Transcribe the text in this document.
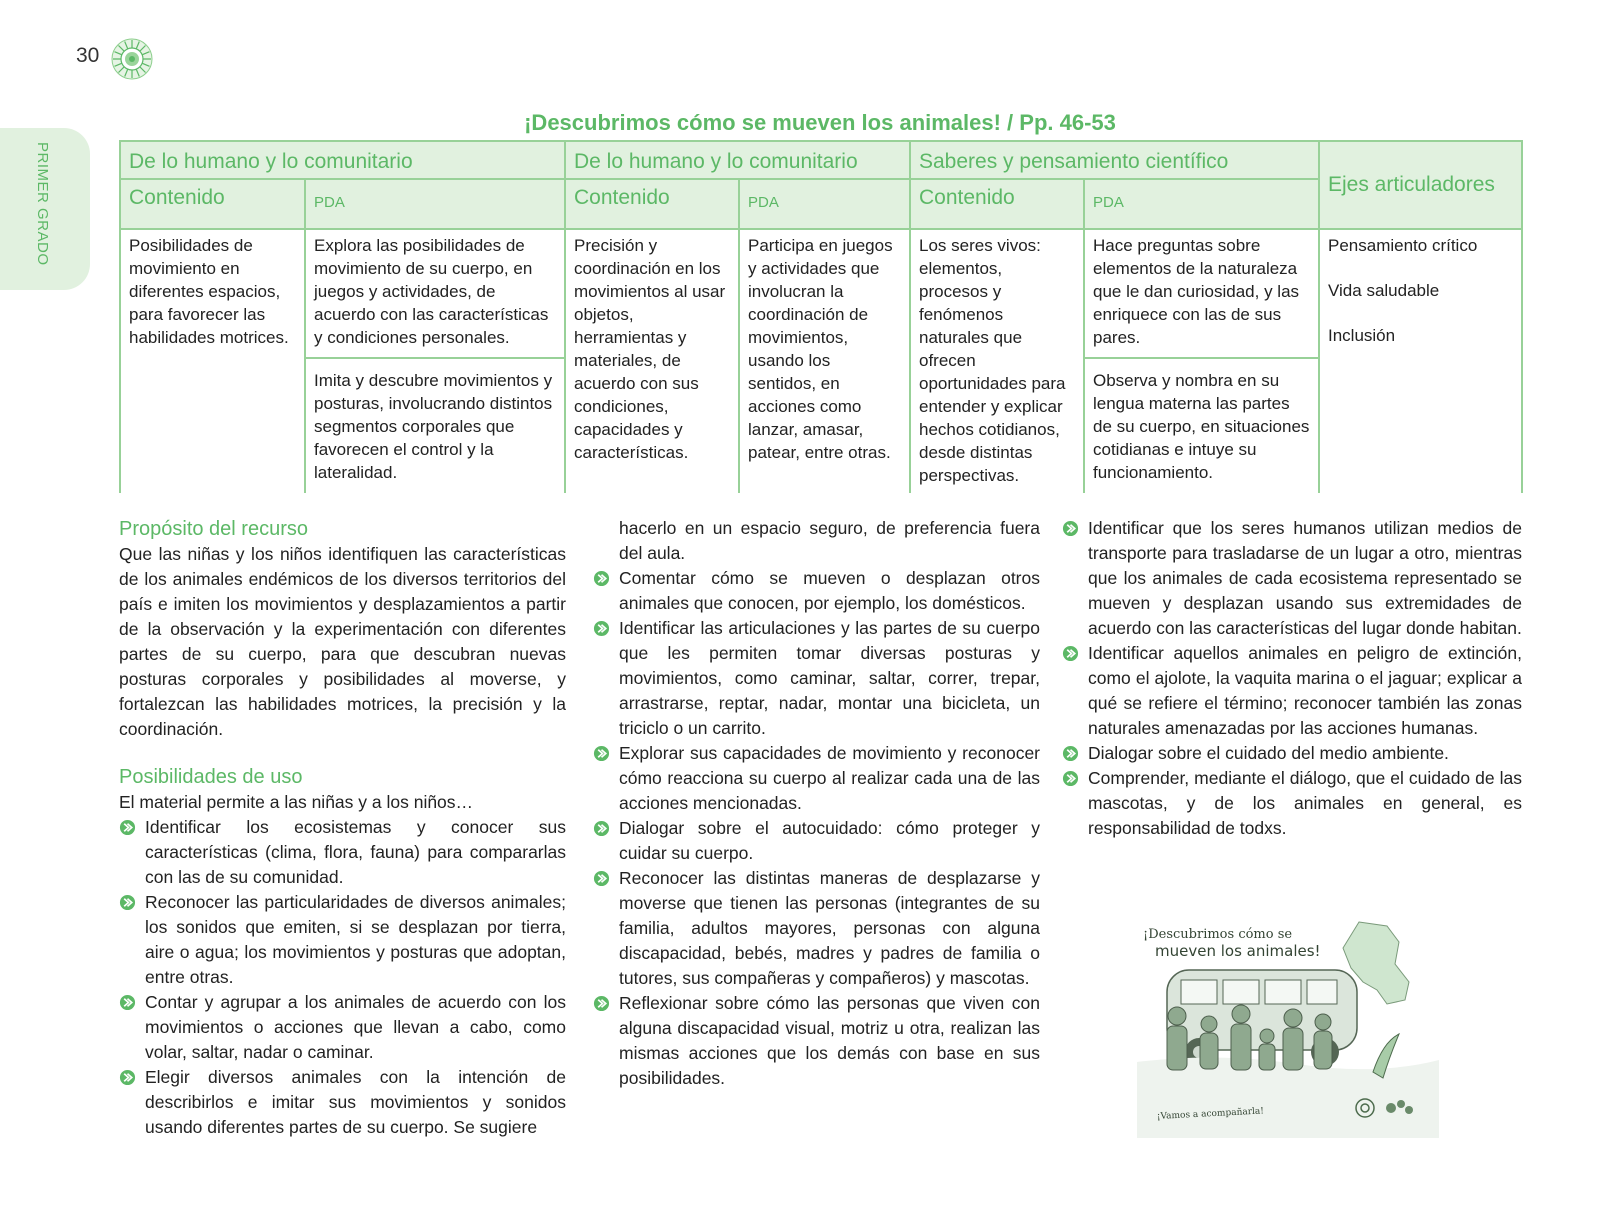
30
PRIMER GRADO
¡Descubrimos cómo se mueven los animales! / Pp. 46-53
De lo humano y lo comunitario		De lo humano y lo comunitario		Saberes y pensamiento científico		Ejes articuladores
Contenido	PDA	Contenido	PDA	Contenido	PDA	
Posibilidades de movimiento en diferentes espacios, para favorecer las habilidades motrices.	Explora las posibilidades de movimiento de su cuerpo, en juegos y actividades, de acuerdo con las características y condiciones personales.	Precisión y coordinación en los movimientos al usar objetos, herramientas y materiales, de acuerdo con sus condiciones, capacidades y características.	Participa en juegos y actividades que involucran la coordinación de movimientos, usando los sentidos, en acciones como lanzar, amasar, patear, entre otras.	Los seres vivos: elementos, procesos y fenómenos naturales que ofrecen oportunidades para entender y explicar hechos cotidianos, desde distintas perspectivas.	Hace preguntas sobre elementos de la naturaleza que le dan curiosidad, y las enriquece con las de sus pares.	Pensamiento crítico
Vida saludable
Inclusión

	Imita y descubre movimientos y posturas, involucrando distintos segmentos corporales que favorecen el control y la lateralidad.				Observa y nombra en su lengua materna las partes de su cuerpo, en situaciones cotidianas e intuye su funcionamiento.	
Propósito del recurso

Que las niñas y los niños identifiquen las características de los animales endémicos de los diversos territorios del país e imiten los movimientos y desplazamientos a partir de la observación y la experimentación con diferentes partes de su cuerpo, para que descubran nuevas posturas corporales y posibilidades al moverse, y fortalezcan las habilidades motrices, la precisión y la coordinación.

Posibilidades de uso

El material permite a las niñas y a los niños…

Identificar los ecosistemas y conocer sus características (clima, flora, fauna) para compararlas con las de su comunidad.
Reconocer las particularidades de diversos animales; los sonidos que emiten, si se desplazan por tierra, aire o agua; los movimientos y posturas que adoptan, entre otras.
Contar y agrupar a los animales de acuerdo con los movimientos o acciones que llevan a cabo, como volar, saltar, nadar o caminar.
Elegir diversos animales con la intención de describirlos e imitar sus movimientos y sonidos usando diferentes partes de su cuerpo. Se sugiere
hacerlo en un espacio seguro, de preferencia fuera del aula.
Comentar cómo se mueven o desplazan otros animales que conocen, por ejemplo, los domésticos.
Identificar las articulaciones y las partes de su cuerpo que les permiten tomar diversas posturas y movimientos, como caminar, saltar, correr, trepar, arrastrarse, reptar, nadar, montar una bicicleta, un triciclo o un carrito.
Explorar sus capacidades de movimiento y reconocer cómo reacciona su cuerpo al realizar cada una de las acciones mencionadas.
Dialogar sobre el autocuidado: cómo proteger y cuidar su cuerpo.
Reconocer las distintas maneras de desplazarse y moverse que tienen las personas (integrantes de su familia, adultos mayores, personas con alguna discapacidad, bebés, madres y padres de familia o tutores, sus compañeras y compañeros) y mascotas.
Reflexionar sobre cómo las personas que viven con alguna discapacidad visual, motriz u otra, realizan las mismas acciones que los demás con base en sus posibilidades.
Identificar que los seres humanos utilizan medios de transporte para trasladarse de un lugar a otro, mientras que los animales de cada ecosistema representado se mueven y desplazan usando sus extremidades de acuerdo con las características del lugar donde habitan.
Identificar aquellos animales en peligro de extinción, como el ajolote, la vaquita marina o el jaguar; explicar a qué se refiere el término; reconocer también las zonas naturales amenazadas por las acciones humanas.
Dialogar sobre el cuidado del medio ambiente.
Comprender, mediante el diálogo, que el cuidado de las mascotas, y de los animales en general, es responsabilidad de todxs.
¡Descubrimos cómo se
mueven los animales!
¡Vamos a acompañarla!
